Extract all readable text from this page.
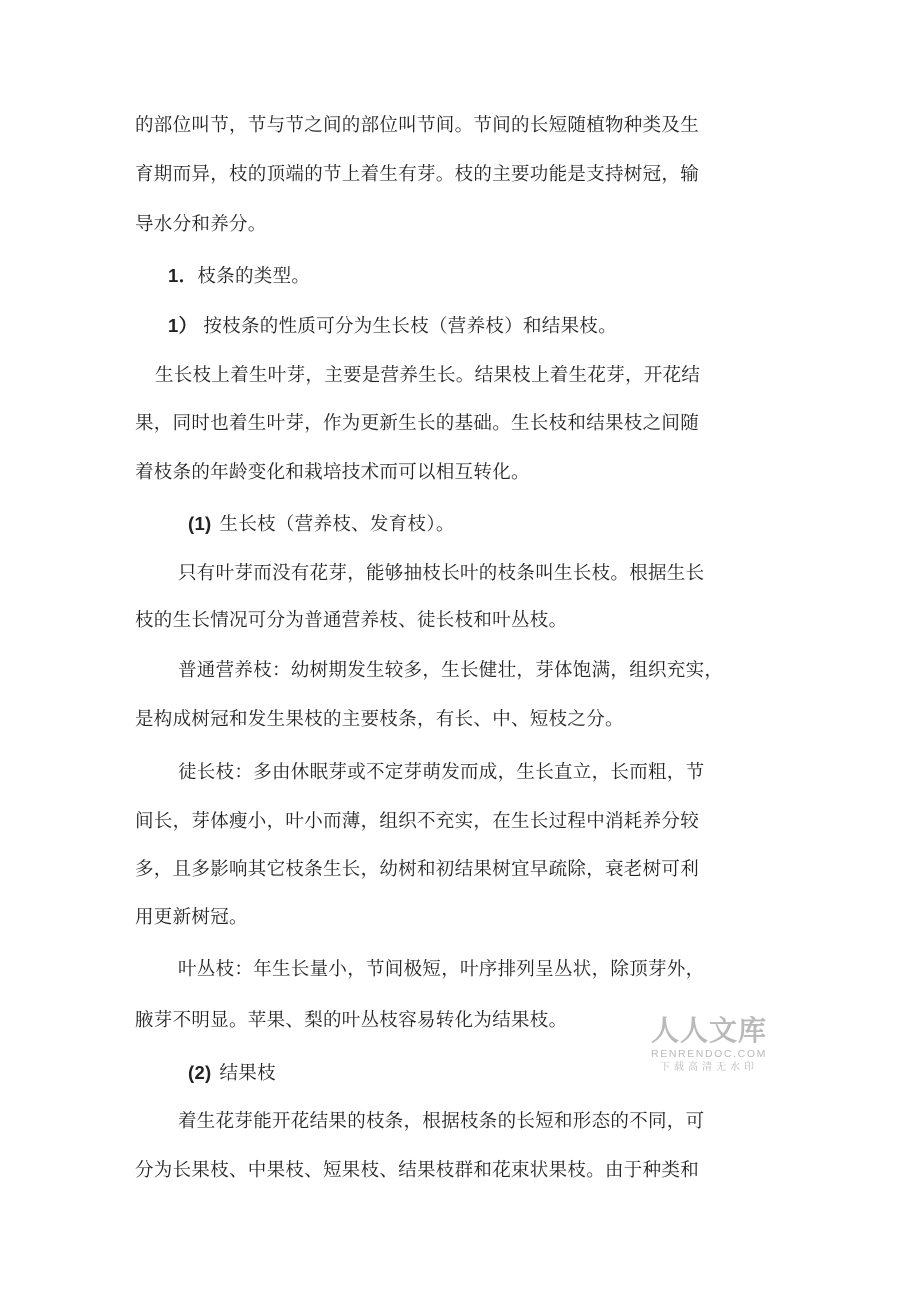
的部位叫节，节与节之间的部位叫节间。节间的长短随植物种类及生
育期而异，枝的顶端的节上着生有芽。枝的主要功能是支持树冠，输
导水分和养分。
1．枝条的类型。
1） 按枝条的性质可分为生长枝（营养枝）和结果枝。
生长枝上着生叶芽，主要是营养生长。结果枝上着生花芽，开花结
果，同时也着生叶芽，作为更新生长的基础。生长枝和结果枝之间随
着枝条的年龄变化和栽培技术而可以相互转化。
(1) 生长枝（营养枝、发育枝）。
只有叶芽而没有花芽，能够抽枝长叶的枝条叫生长枝。根据生长
枝的生长情况可分为普通营养枝、徒长枝和叶丛枝。
普通营养枝：幼树期发生较多，生长健壮，芽体饱满，组织充实，
是构成树冠和发生果枝的主要枝条，有长、中、短枝之分。
徒长枝：多由休眠芽或不定芽萌发而成，生长直立，长而粗，节
间长，芽体瘦小，叶小而薄，组织不充实，在生长过程中消耗养分较
多，且多影响其它枝条生长，幼树和初结果树宜早疏除，衰老树可利
用更新树冠。
叶丛枝：年生长量小，节间极短，叶序排列呈丛状，除顶芽外，
腋芽不明显。苹果、梨的叶丛枝容易转化为结果枝。
(2) 结果枝
着生花芽能开花结果的枝条，根据枝条的长短和形态的不同，可
分为长果枝、中果枝、短果枝、结果枝群和花束状果枝。由于种类和
人人文库
RENRENDOC.COM
下载高清无水印
